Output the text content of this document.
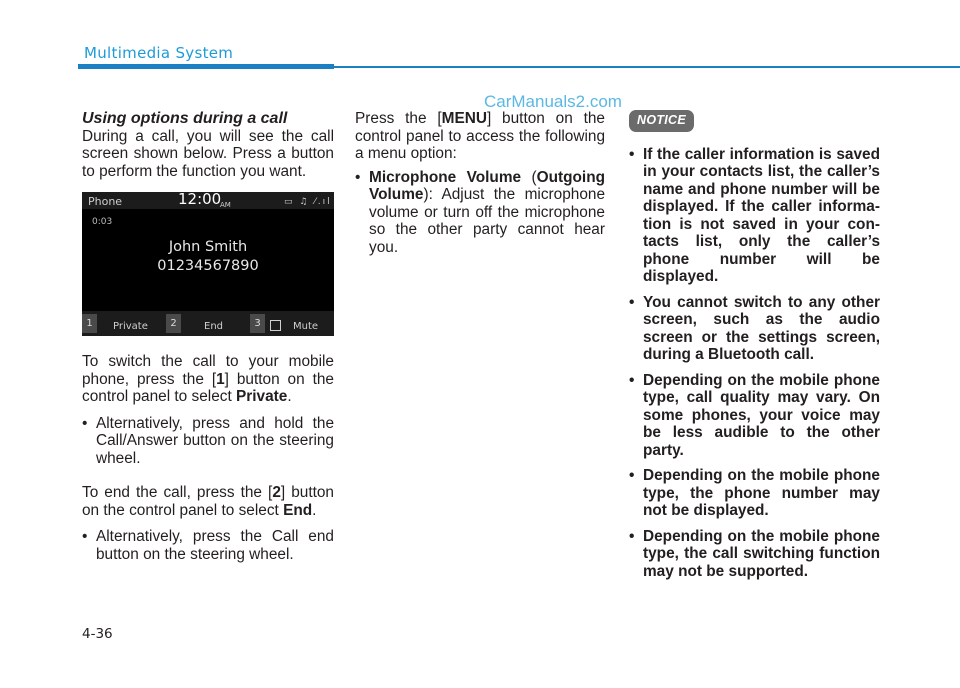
Multimedia System
CarManuals2.com

Using options during a call

During a call, you will see the call screen shown below. Press a button to perform the function you want.

Phone	12:00
AM	▭ ♫ ⁄.ıl
0:03
John Smith
01234567890
1	Private	2	End	3	Mute

To switch the call to your mobile phone, press the [1] button on the control panel to select Private.

• Alternatively, press and hold the Call/Answer button on the steering wheel.

To end the call, press the [2] button on the control panel to select End.

• Alternatively, press the Call end button on the steering wheel.

Press the [MENU] button on the control panel to access the following a menu option:

• Microphone Volume (Outgoing Volume): Adjust the microphone volume or turn off the microphone so the other party cannot hear you.

NOTICE

• If the caller information is saved in your contacts list, the caller’s name and phone number will be displayed. If the caller information is not saved in your contacts list, only the caller’s phone number will be displayed.

• You cannot switch to any other screen, such as the audio screen or the settings screen, during a Bluetooth call.

• Depending on the mobile phone type, call quality may vary. On some phones, your voice may be less audible to the other party.

• Depending on the mobile phone type, the phone number may not be displayed.

• Depending on the mobile phone type, the call switching function may not be supported.

4-36
